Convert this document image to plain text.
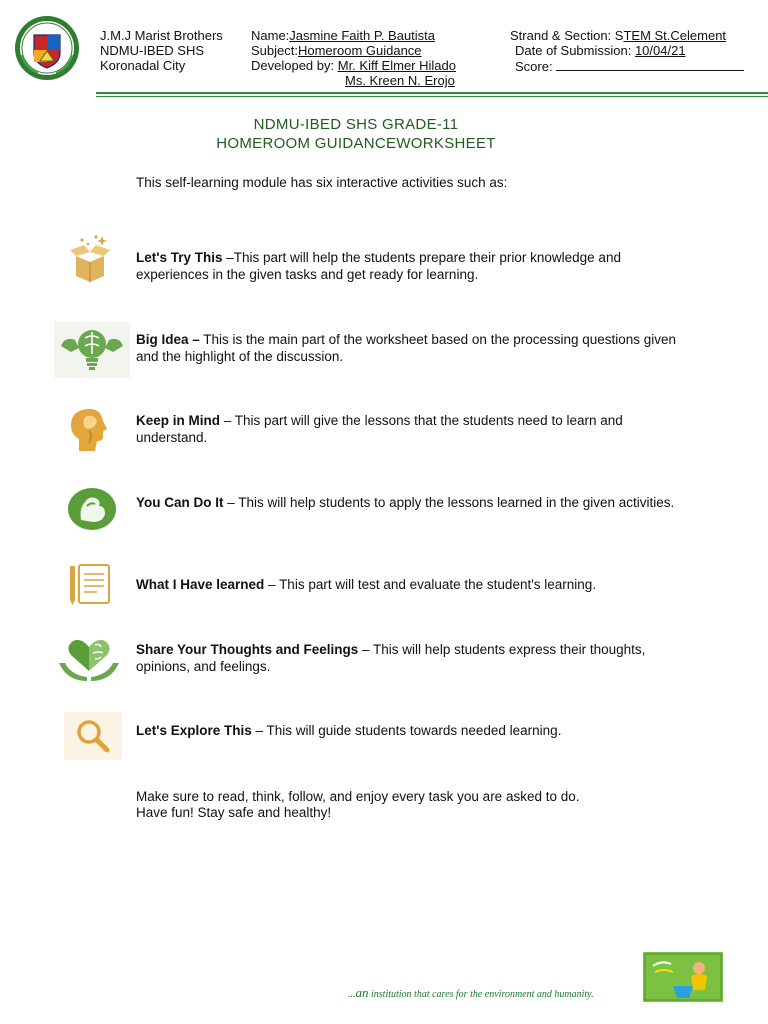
J.M.J Marist Brothers
NDMU-IBED SHS
Koronadal City
Name:Jasmine Faith P. Bautista
Subject:Homeroom Guidance
Developed by: Mr. Kiff Elmer Hilado
Ms. Kreen N. Erojo
Strand & Section: STEM St.Celement
Date of Submission: 10/04/21
Score:
NDMU-IBED SHS GRADE-11
HOMEROOM GUIDANCEWORKSHEET
This self-learning module has six interactive activities such as:
Let's Try This –This part will help the students prepare their prior knowledge and experiences in the given tasks and get ready for learning.
Big Idea – This is the main part of the worksheet based on the processing questions given and the highlight of the discussion.
Keep in Mind – This part will give the lessons that the students need to learn and understand.
You Can Do It – This will help students to apply the lessons learned in the given activities.
What I Have learned – This part will test and evaluate the student's learning.
Share Your Thoughts and Feelings – This will help students express their thoughts, opinions, and feelings.
Let's Explore This – This will guide students towards needed learning.
Make sure to read, think, follow, and enjoy every task you are asked to do.
Have fun! Stay safe and healthy!
...an institution that cares for the environment and humanity.
